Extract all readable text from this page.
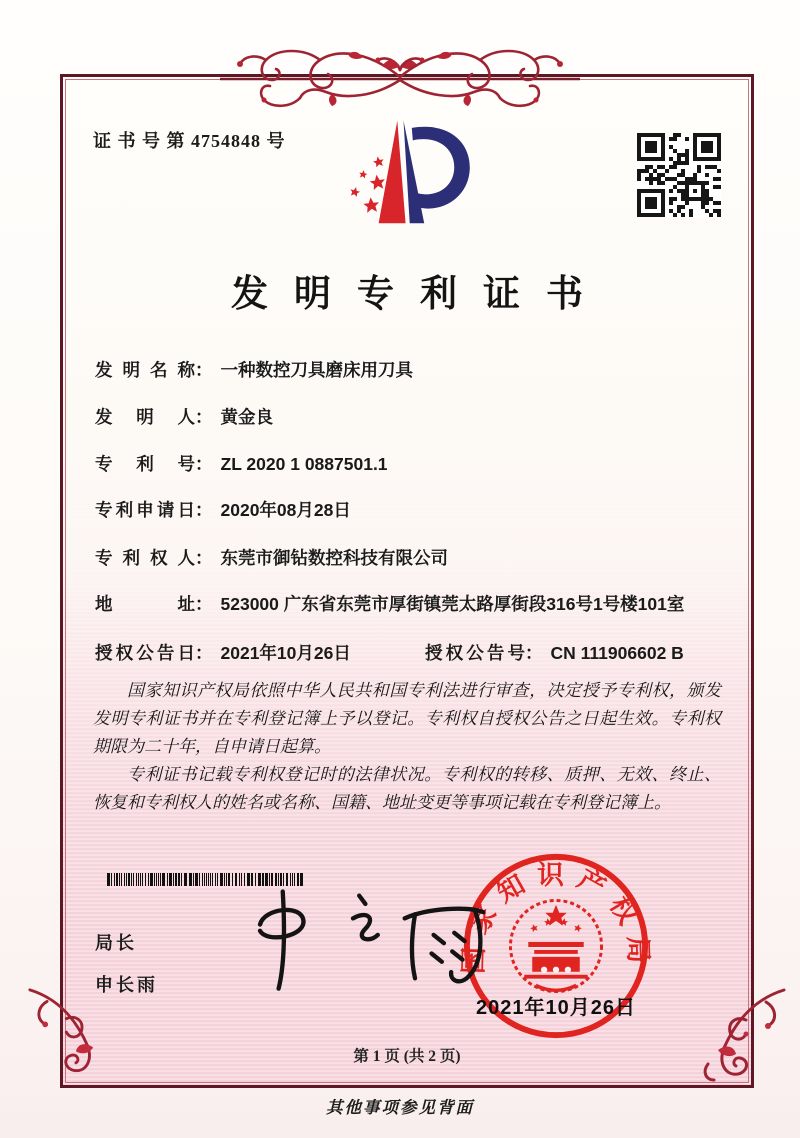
证 书 号 第 4754848 号
发明专利证书
发明名称 ： 一种数控刀具磨床用刀具
发明人 ： 黄金良
专利号 ： ZL 2020 1 0887501.1
专利申请日 ： 2020年08月28日
专利权人 ： 东莞市御钻数控科技有限公司
地址 ： 523000 广东省东莞市厚街镇莞太路厚街段316号1号楼101室
授权公告日 ： 2021年10月26日	授权公告号 ： CN 111906602 B

国家知识产权局依照中华人民共和国专利法进行审查，决定授予专利权，颁发发明专利证书并在专利登记簿上予以登记。专利权自授权公告之日起生效。专利权期限为二十年，自申请日起算。

专利证书记载专利权登记时的法律状况。专利权的转移、质押、无效、终止、恢复和专利权人的姓名或名称、国籍、地址变更等事项记载在专利登记簿上。

局长
申长雨
国家知识产权局
2021年10月26日
第 1 页 (共 2 页)
其他事项参见背面
